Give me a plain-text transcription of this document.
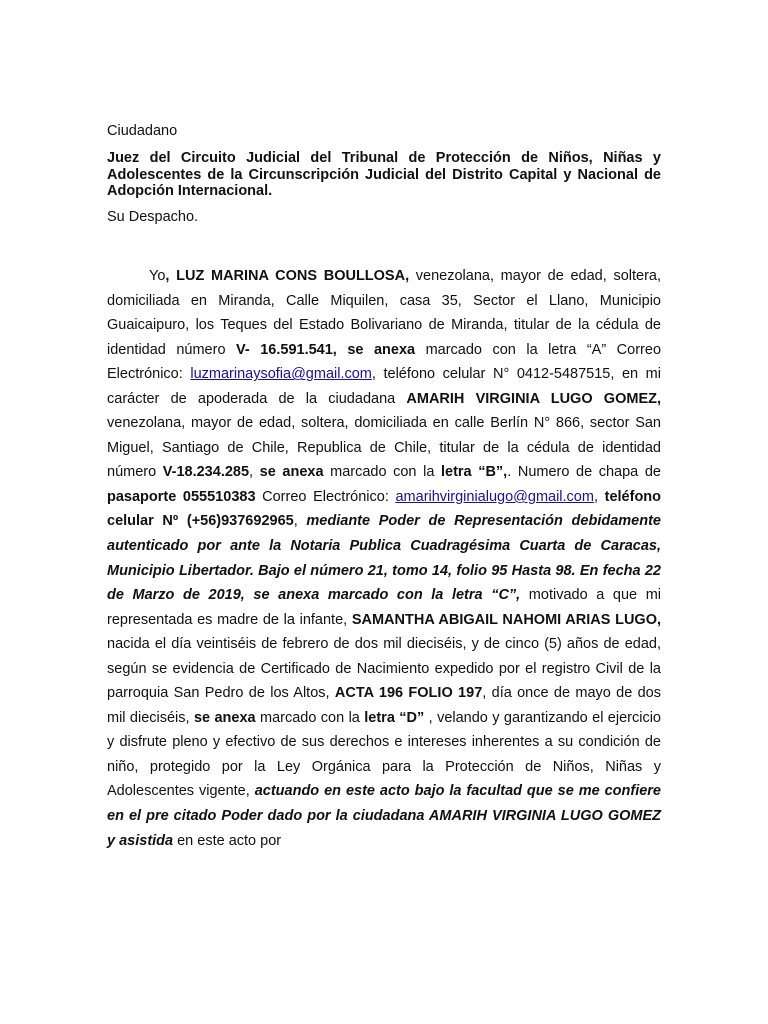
Ciudadano

Juez del Circuito Judicial del Tribunal de Protección de Niños, Niñas y Adolescentes de la Circunscripción Judicial del Distrito Capital y Nacional de Adopción Internacional.

Su Despacho.

Yo, LUZ MARINA CONS BOULLOSA, venezolana, mayor de edad, soltera, domiciliada en Miranda, Calle Miquilen, casa 35, Sector el Llano, Municipio Guaicaipuro, los Teques del Estado Bolivariano de Miranda, titular de la cédula de identidad número V- 16.591.541, se anexa marcado con la letra “A” Correo Electrónico: luzmarinaysofia@gmail.com, teléfono celular N° 0412-5487515, en mi carácter de apoderada de la ciudadana AMARIH VIRGINIA LUGO GOMEZ, venezolana, mayor de edad, soltera, domiciliada en calle Berlín N° 866, sector San Miguel, Santiago de Chile, Republica de Chile, titular de la cédula de identidad número V-18.234.285, se anexa marcado con la letra “B”,. Numero de chapa de pasaporte 055510383 Correo Electrónico: amarihvirginialugo@gmail.com, teléfono celular Nº (+56)937692965, mediante Poder de Representación debidamente autenticado por ante la Notaria Publica Cuadragésima Cuarta de Caracas, Municipio Libertador. Bajo el número 21, tomo 14, folio 95 Hasta 98. En fecha 22 de Marzo de 2019, se anexa marcado con la letra “C”, motivado a que mi representada es madre de la infante, SAMANTHA ABIGAIL NAHOMI ARIAS LUGO, nacida el día veintiséis de febrero de dos mil dieciséis, y de cinco (5) años de edad, según se evidencia de Certificado de Nacimiento expedido por el registro Civil de la parroquia San Pedro de los Altos, ACTA 196 FOLIO 197, día once de mayo de dos mil dieciséis, se anexa marcado con la letra “D” , velando y garantizando el ejercicio y disfrute pleno y efectivo de sus derechos e intereses inherentes a su condición de niño, protegido por la Ley Orgánica para la Protección de Niños, Niñas y Adolescentes vigente, actuando en este acto bajo la facultad que se me confiere en el pre citado Poder dado por la ciudadana AMARIH VIRGINIA LUGO GOMEZ y asistida en este acto por
